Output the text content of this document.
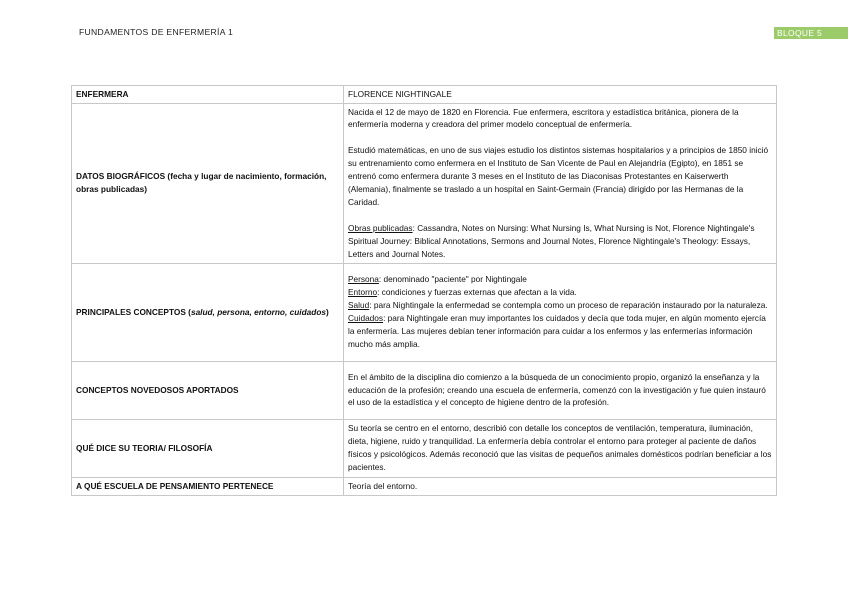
FUNDAMENTOS DE ENFERMERÍA 1	BLOQUE 5
ENFERMERA	FLORENCE NIGHTINGALE
DATOS BIOGRÁFICOS (fecha y lugar de nacimiento, formación, obras publicadas)	Nacida el 12 de mayo de 1820 en Florencia. Fue enfermera, escritora y estadística británica, pionera de la enfermería moderna y creadora del primer modelo conceptual de enfermería.
Estudió matemáticas, en uno de sus viajes estudio los distintos sistemas hospitalarios y a principios de 1850 inició su entrenamiento como enfermera en el Instituto de San Vicente de Paul en Alejandría (Egipto), en 1851 se entrenó como enfermera durante 3 meses en el Instituto de las Diaconisas Protestantes en Kaiserwerth (Alemania), finalmente se traslado a un hospital en Saint-Germain (Francia) dirigido por las Hermanas de la Caridad.
Obras publicadas: Cassandra, Notes on Nursing: What Nursing Is, What Nursing is Not, Florence Nightingale's Spiritual Journey: Biblical Annotations, Sermons and Journal Notes, Florence Nightingale's Theology: Essays, Letters and Journal Notes.

PRINCIPALES CONCEPTOS (salud, persona, entorno, cuidados)	Persona: denominado "paciente" por Nightingale
Entorno: condiciones y fuerzas externas que afectan a la vida.
Salud: para Nightingale la enfermedad se contempla como un proceso de reparación instaurado por la naturaleza.
Cuidados: para Nightingale eran muy importantes los cuidados y decía que toda mujer, en algún momento ejercía la enfermería. Las mujeres debían tener información para cuidar a los enfermos y las enfermerías información mucho más amplia.

CONCEPTOS NOVEDOSOS APORTADOS	En el ámbito de la disciplina dio comienzo a la búsqueda de un conocimiento propio, organizó la enseñanza y la educación de la profesión; creando una escuela de enfermería, comenzó con la investigación y fue quien instauró el uso de la estadística y el concepto de higiene dentro de la profesión.
QUÉ DICE SU TEORIA/ FILOSOFÍA	Su teoría se centro en el entorno, describió con detalle los conceptos de ventilación, temperatura, iluminación, dieta, higiene, ruido y tranquilidad. La enfermería debía controlar el entorno para proteger al paciente de daños físicos y psicológicos. Además reconoció que las visitas de pequeños animales domésticos podrían beneficiar a los pacientes.
A QUÉ ESCUELA DE PENSAMIENTO PERTENECE	Teoría del entorno.
